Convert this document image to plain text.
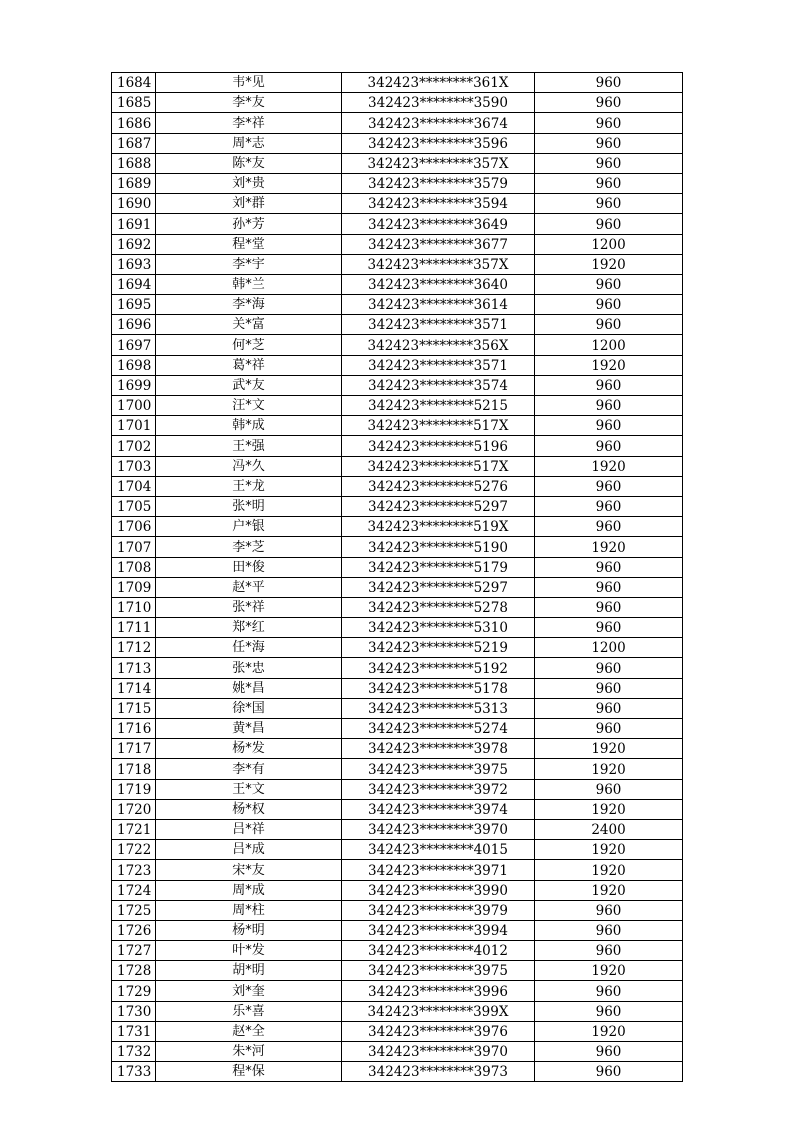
1684	韦*见	342423********361X	960
1685	李*友	342423********3590	960
1686	李*祥	342423********3674	960
1687	周*志	342423********3596	960
1688	陈*友	342423********357X	960
1689	刘*贵	342423********3579	960
1690	刘*群	342423********3594	960
1691	孙*芳	342423********3649	960
1692	程*堂	342423********3677	1200
1693	李*宇	342423********357X	1920
1694	韩*兰	342423********3640	960
1695	李*海	342423********3614	960
1696	关*富	342423********3571	960
1697	何*芝	342423********356X	1200
1698	葛*祥	342423********3571	1920
1699	武*友	342423********3574	960
1700	汪*文	342423********5215	960
1701	韩*成	342423********517X	960
1702	王*强	342423********5196	960
1703	冯*久	342423********517X	1920
1704	王*龙	342423********5276	960
1705	张*明	342423********5297	960
1706	户*银	342423********519X	960
1707	李*芝	342423********5190	1920
1708	田*俊	342423********5179	960
1709	赵*平	342423********5297	960
1710	张*祥	342423********5278	960
1711	郑*红	342423********5310	960
1712	任*海	342423********5219	1200
1713	张*忠	342423********5192	960
1714	姚*昌	342423********5178	960
1715	徐*国	342423********5313	960
1716	黄*昌	342423********5274	960
1717	杨*发	342423********3978	1920
1718	李*有	342423********3975	1920
1719	王*文	342423********3972	960
1720	杨*权	342423********3974	1920
1721	吕*祥	342423********3970	2400
1722	吕*成	342423********4015	1920
1723	宋*友	342423********3971	1920
1724	周*成	342423********3990	1920
1725	周*柱	342423********3979	960
1726	杨*明	342423********3994	960
1727	叶*发	342423********4012	960
1728	胡*明	342423********3975	1920
1729	刘*奎	342423********3996	960
1730	乐*喜	342423********399X	960
1731	赵*全	342423********3976	1920
1732	朱*河	342423********3970	960
1733	程*保	342423********3973	960
